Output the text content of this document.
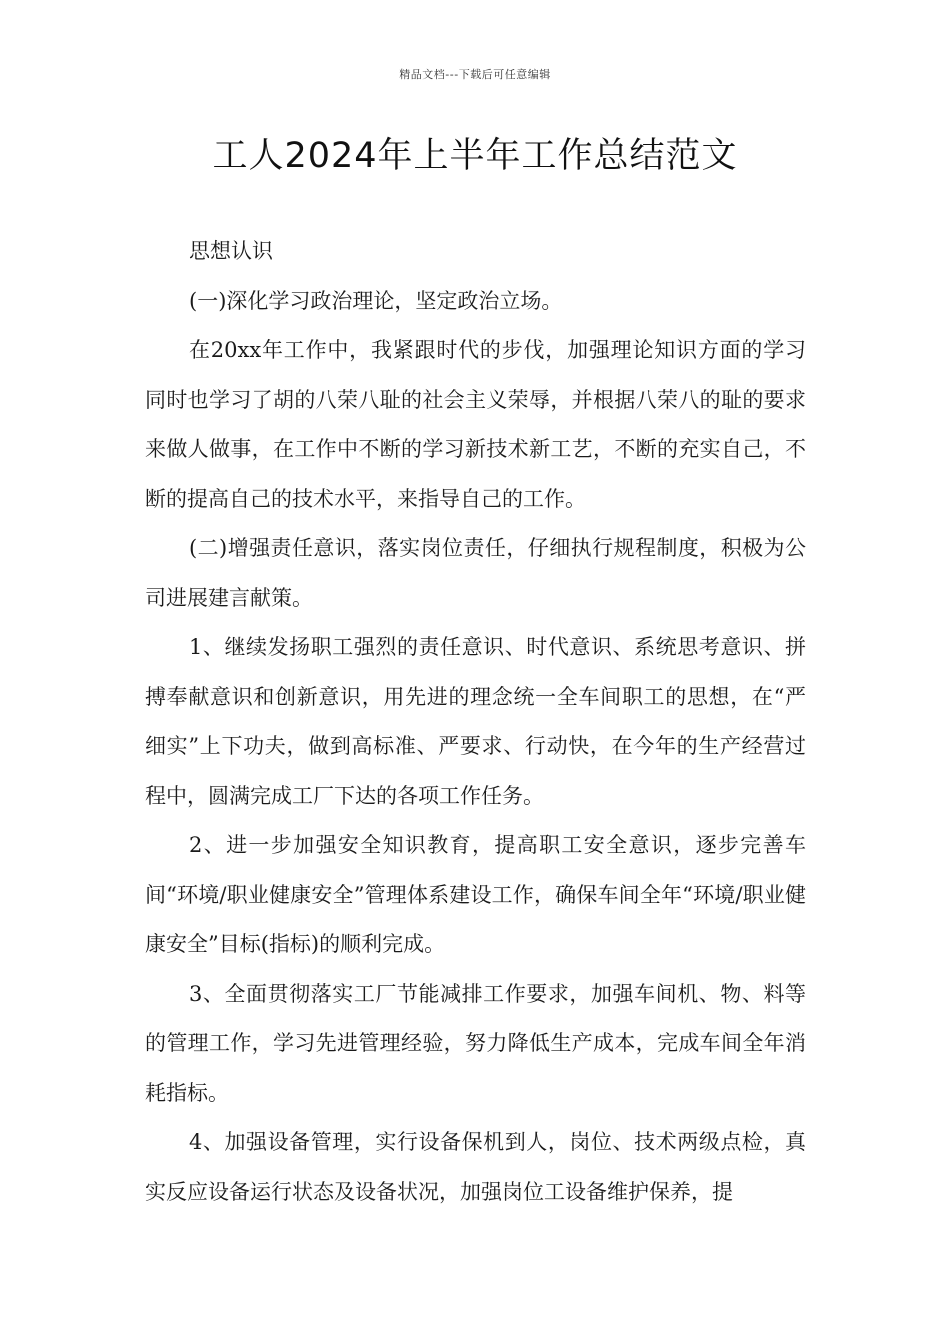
精品文档---下载后可任意编辑
工人2024年上半年工作总结范文

思想认识

(一)深化学习政治理论，坚定政治立场。

在20xx年工作中，我紧跟时代的步伐，加强理论知识方面的学习同时也学习了胡的八荣八耻的社会主义荣辱，并根据八荣八的耻的要求来做人做事，在工作中不断的学习新技术新工艺，不断的充实自己，不断的提高自己的技术水平，来指导自己的工作。

(二)增强责任意识，落实岗位责任，仔细执行规程制度，积极为公司进展建言献策。

1、继续发扬职工强烈的责任意识、时代意识、系统思考意识、拼搏奉献意识和创新意识，用先进的理念统一全车间职工的思想，在“严细实”上下功夫，做到高标准、严要求、行动快，在今年的生产经营过程中，圆满完成工厂下达的各项工作任务。

2、进一步加强安全知识教育，提高职工安全意识，逐步完善车间“环境/职业健康安全”管理体系建设工作，确保车间全年“环境/职业健康安全”目标(指标)的顺利完成。

3、全面贯彻落实工厂节能减排工作要求，加强车间机、物、料等的管理工作，学习先进管理经验，努力降低生产成本，完成车间全年消耗指标。

4、加强设备管理，实行设备保机到人，岗位、技术两级点检，真实反应设备运行状态及设备状况，加强岗位工设备维护保养，提
